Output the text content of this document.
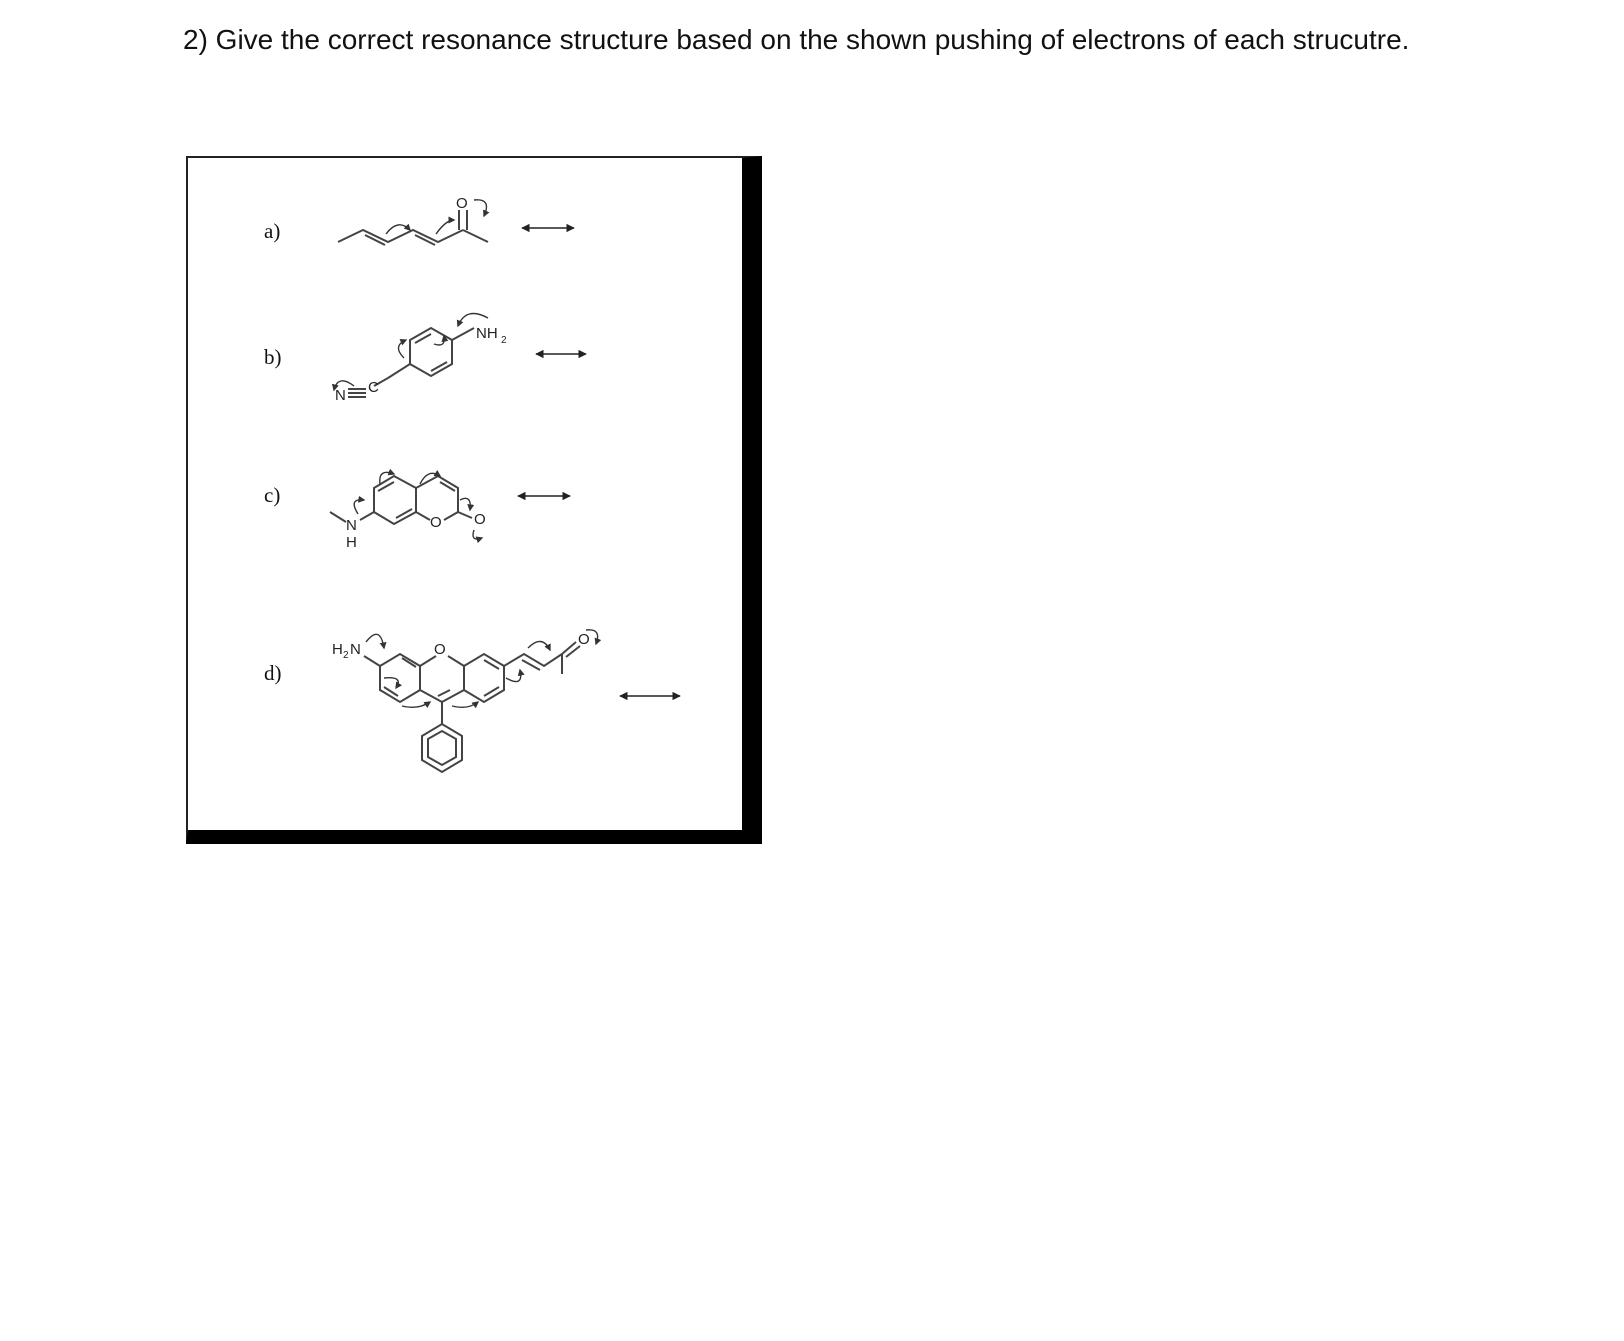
2) Give the correct resonance structure based on the shown pushing of electrons of each strucutre.
a)
O
b)
NH 2
N C
c)
O O
N
H
d)
H 2 N	O
O
